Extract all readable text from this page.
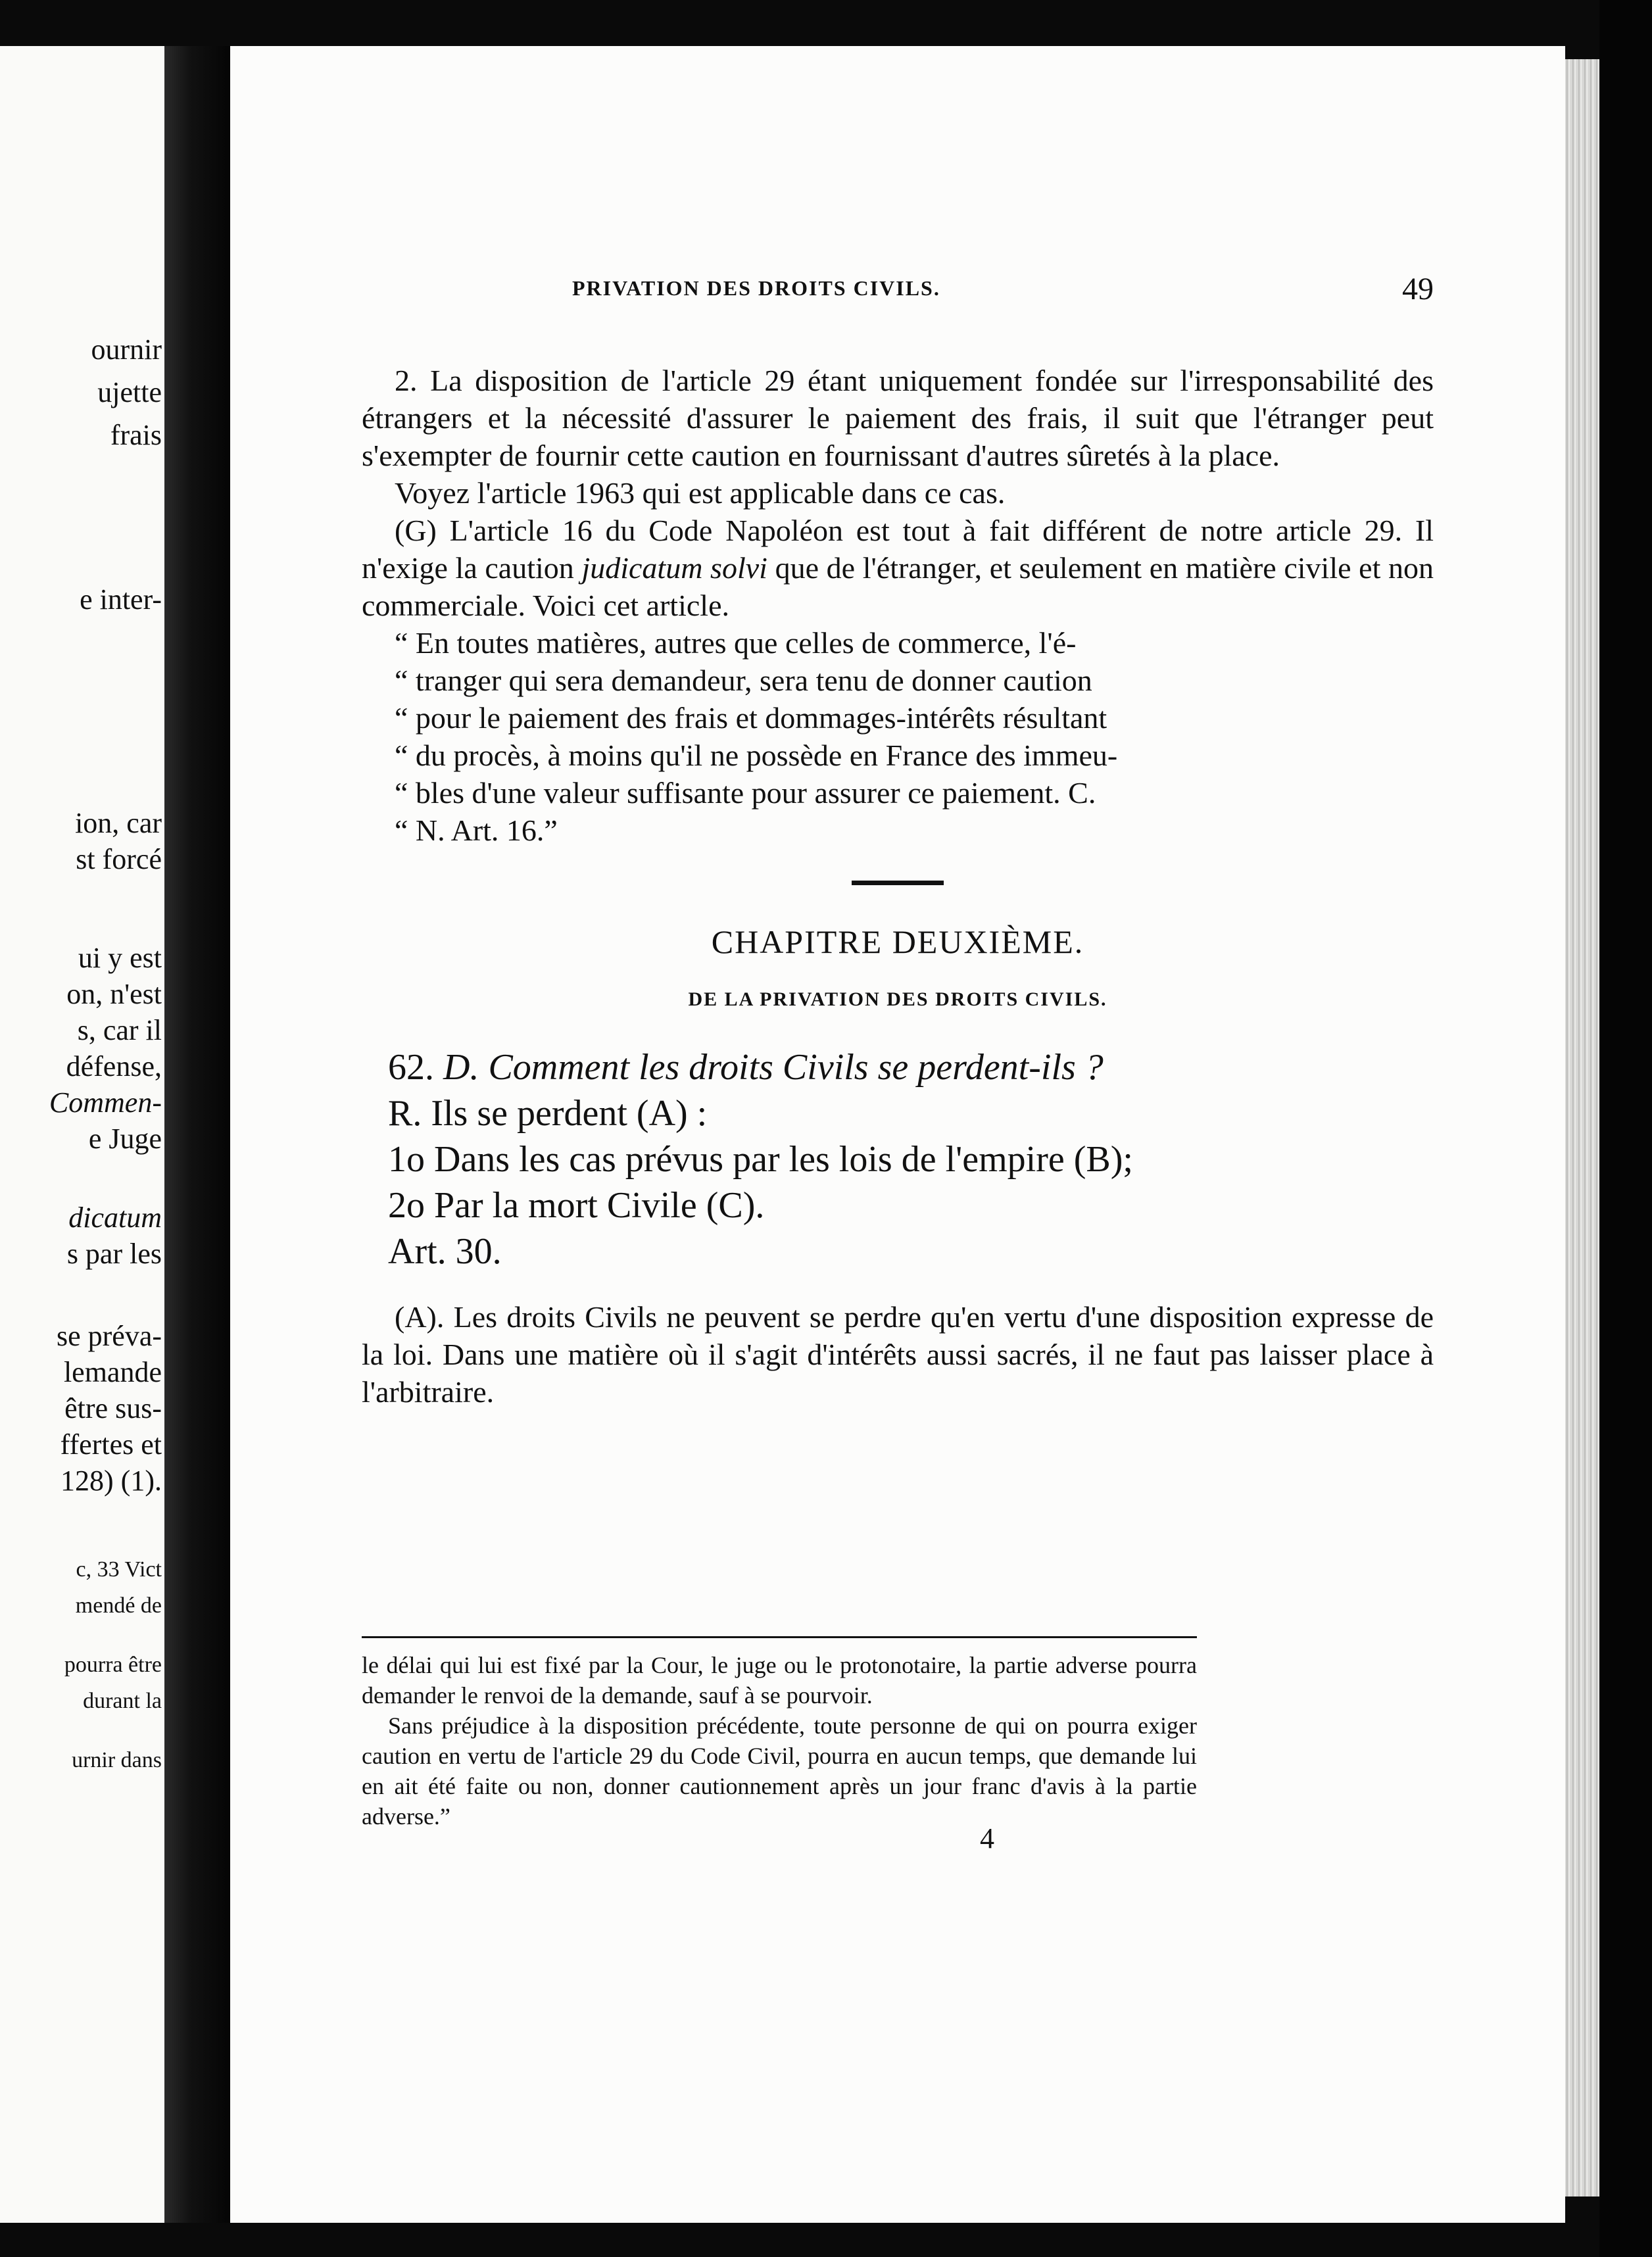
ournir
ujette
frais
e inter-
ion, car
st forcé
ui y est
on, n'est
s, car il
défense,
Commen-
e Juge
dicatum
s par les
se préva-
lemande
être sus-
ffertes et
128) (1).
c, 33 Vict
mendé de
pourra être
durant la
urnir dans
PRIVATION DES DROITS CIVILS.	49

2. La disposition de l'article 29 étant uniquement fondée sur l'irresponsabilité des étrangers et la nécessité d'assurer le paiement des frais, il suit que l'étranger peut s'exempter de fournir cette caution en fournissant d'autres sûretés à la place.

Voyez l'article 1963 qui est applicable dans ce cas.

(G) L'article 16 du Code Napoléon est tout à fait différent de notre article 29. Il n'exige la caution judicatum solvi que de l'étranger, et seulement en matière civile et non commerciale. Voici cet article.

“ En toutes matières, autres que celles de commerce, l'é-

“ tranger qui sera demandeur, sera tenu de donner caution

“ pour le paiement des frais et dommages-intérêts résultant

“ du procès, à moins qu'il ne possède en France des immeu-

“ bles d'une valeur suffisante pour assurer ce paiement. C.

“ N. Art. 16.”

CHAPITRE DEUXIÈME.

DE LA PRIVATION DES DROITS CIVILS.

62. D. Comment les droits Civils se perdent-ils ?

R. Ils se perdent (A) :

1o Dans les cas prévus par les lois de l'empire (B);

2o Par la mort Civile (C).

Art. 30.

(A). Les droits Civils ne peuvent se perdre qu'en vertu d'une disposition expresse de la loi. Dans une matière où il s'agit d'intérêts aussi sacrés, il ne faut pas laisser place à l'arbitraire.

le délai qui lui est fixé par la Cour, le juge ou le protonotaire, la partie adverse pourra demander le renvoi de la demande, sauf à se pourvoir.

Sans préjudice à la disposition précédente, toute personne de qui on pourra exiger caution en vertu de l'article 29 du Code Civil, pourra en aucun temps, que demande lui en ait été faite ou non, donner cautionnement après un jour franc d'avis à la partie adverse.”

4
